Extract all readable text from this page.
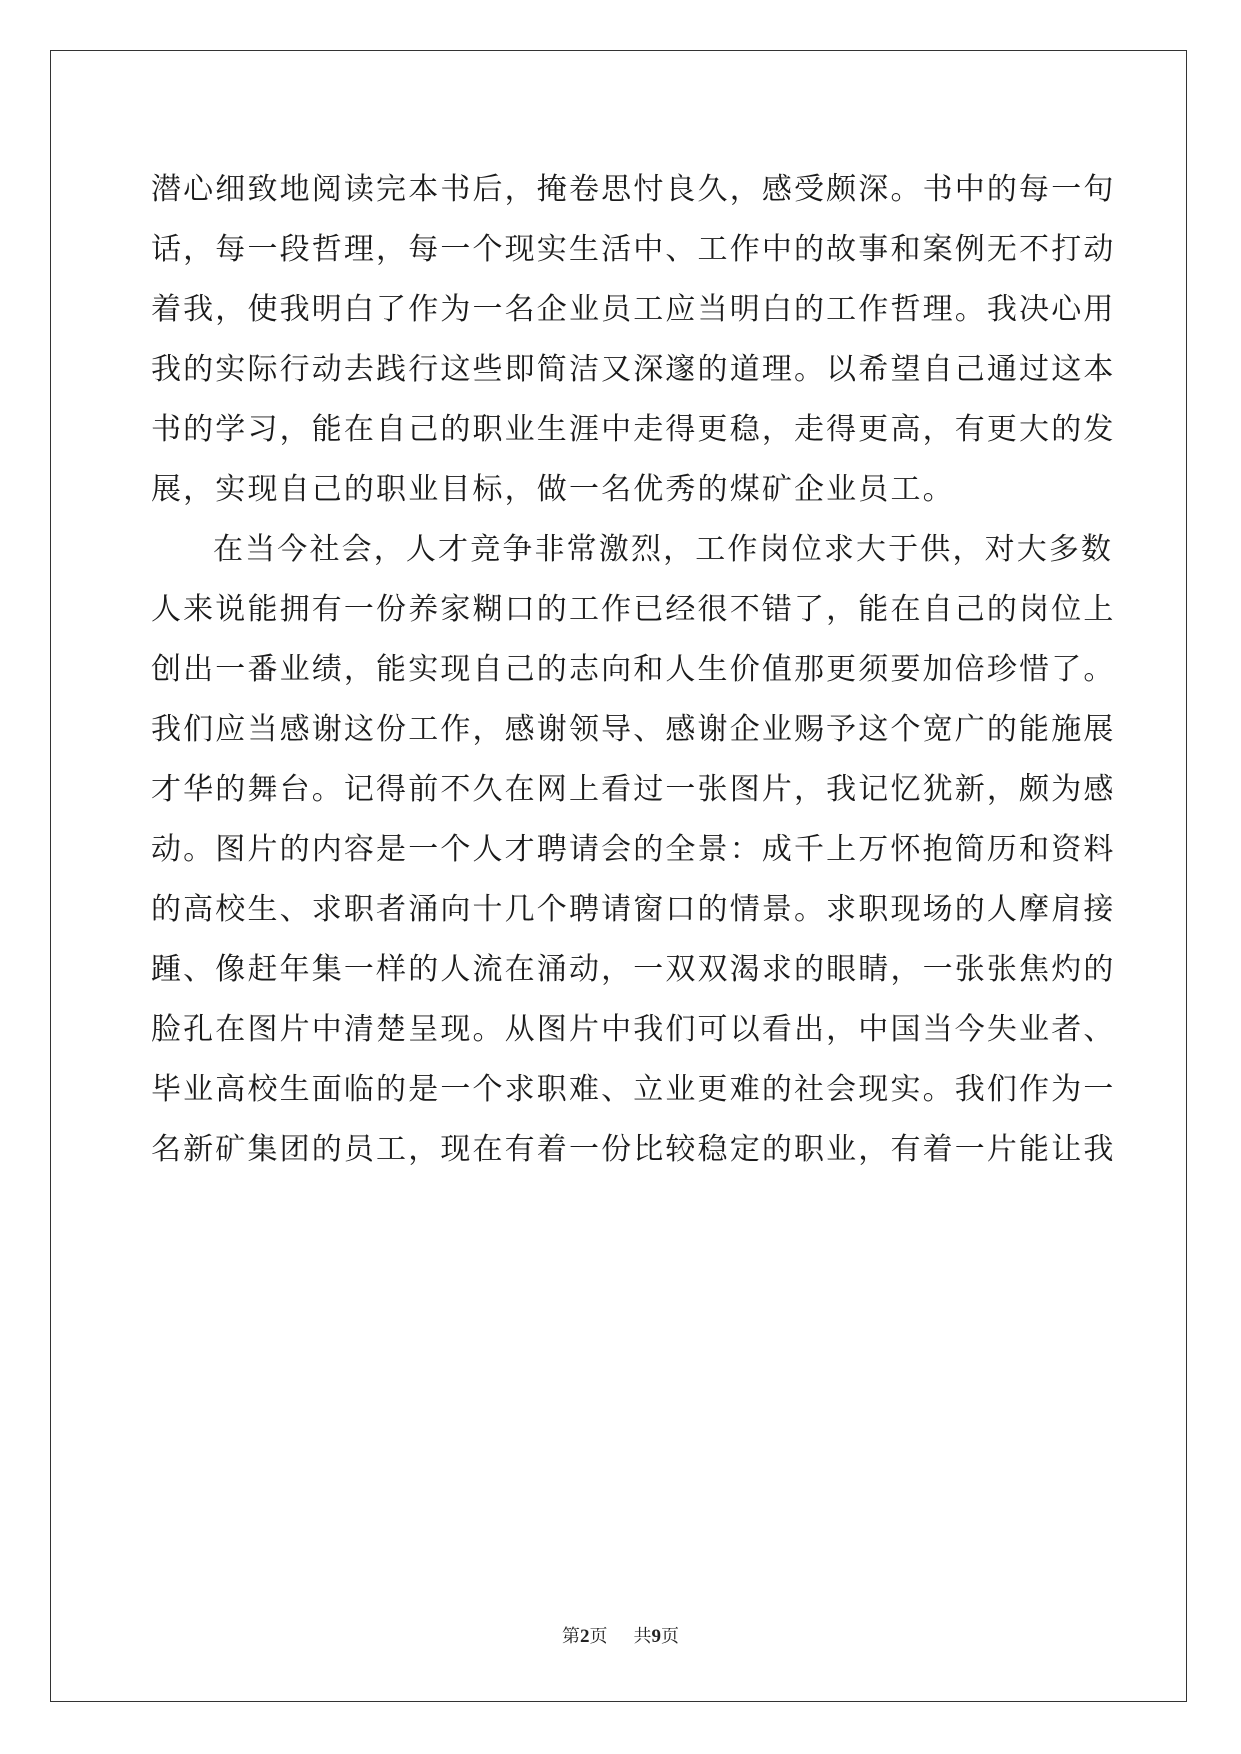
潜心细致地阅读完本书后，掩卷思忖良久，感受颇深。书中的每一句
话，每一段哲理，每一个现实生活中、工作中的故事和案例无不打动
着我，使我明白了作为一名企业员工应当明白的工作哲理。我决心用
我的实际行动去践行这些即简洁又深邃的道理。以希望自己通过这本
书的学习，能在自己的职业生涯中走得更稳，走得更高，有更大的发
展，实现自己的职业目标，做一名优秀的煤矿企业员工。
在当今社会，人才竞争非常激烈，工作岗位求大于供，对大多数
人来说能拥有一份养家糊口的工作已经很不错了，能在自己的岗位上
创出一番业绩，能实现自己的志向和人生价值那更须要加倍珍惜了。
我们应当感谢这份工作，感谢领导、感谢企业赐予这个宽广的能施展
才华的舞台。记得前不久在网上看过一张图片，我记忆犹新，颇为感
动。图片的内容是一个人才聘请会的全景：成千上万怀抱简历和资料
的高校生、求职者涌向十几个聘请窗口的情景。求职现场的人摩肩接
踵、像赶年集一样的人流在涌动，一双双渴求的眼睛，一张张焦灼的
脸孔在图片中清楚呈现。从图片中我们可以看出，中国当今失业者、
毕业高校生面临的是一个求职难、立业更难的社会现实。我们作为一
名新矿集团的员工，现在有着一份比较稳定的职业，有着一片能让我
第2页 共9页
